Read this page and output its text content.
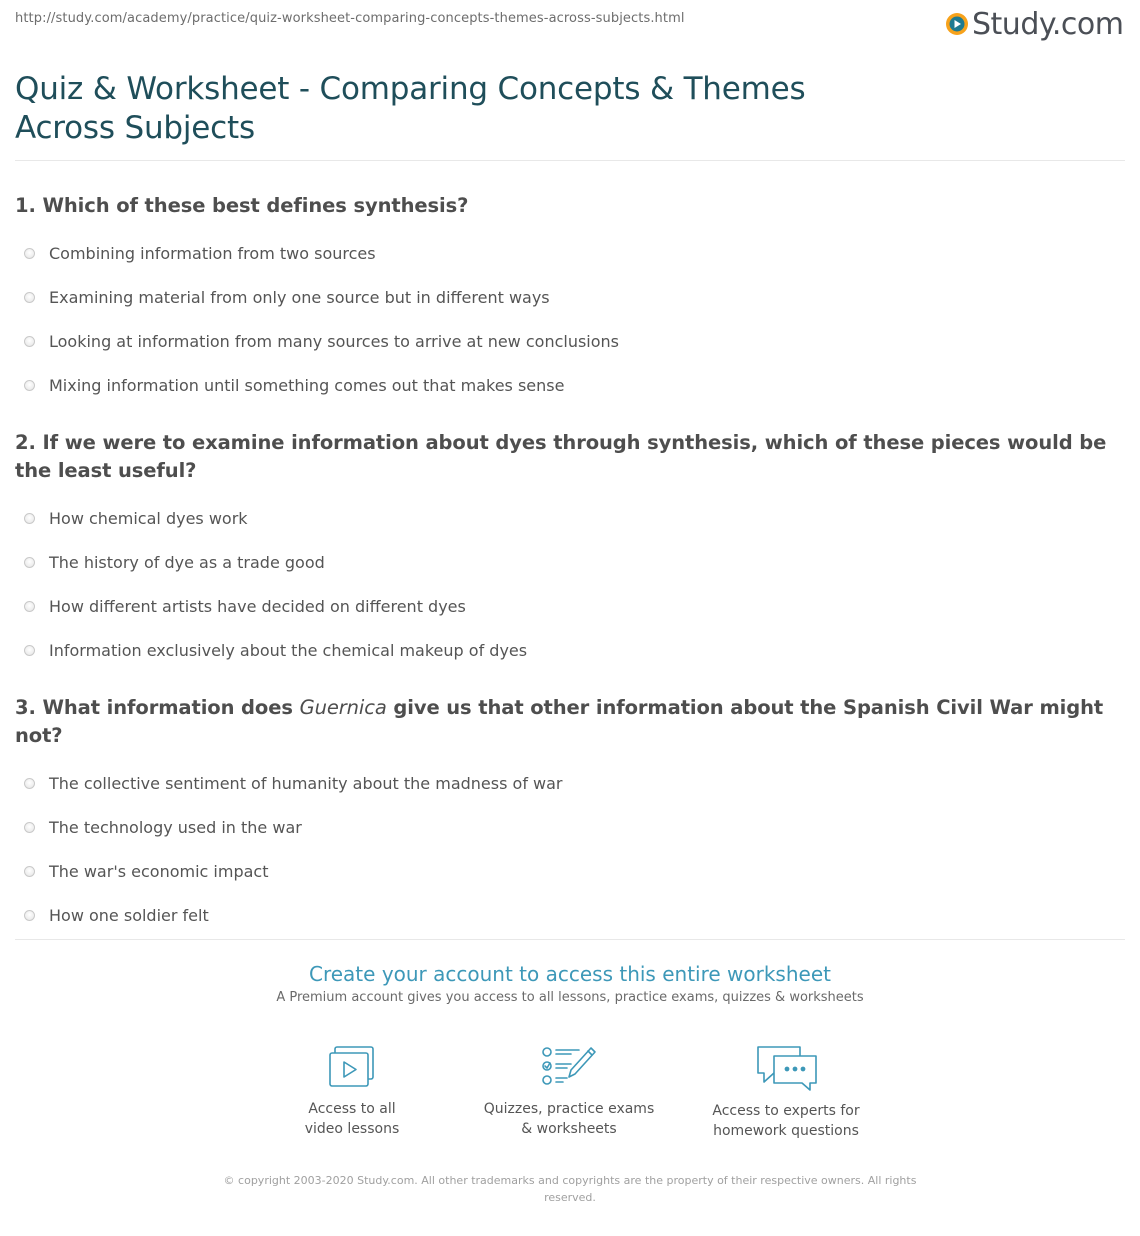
http://study.com/academy/practice/quiz-worksheet-comparing-concepts-themes-across-subjects.html	Study.com
Quiz & Worksheet - Comparing Concepts & Themes Across Subjects
1. Which of these best defines synthesis?
Combining information from two sources
Examining material from only one source but in different ways
Looking at information from many sources to arrive at new conclusions
Mixing information until something comes out that makes sense
2. If we were to examine information about dyes through synthesis, which of these pieces would be the least useful?
How chemical dyes work
The history of dye as a trade good
How different artists have decided on different dyes
Information exclusively about the chemical makeup of dyes
3. What information does Guernica give us that other information about the Spanish Civil War might not?
The collective sentiment of humanity about the madness of war
The technology used in the war
The war's economic impact
How one soldier felt
Create your account to access this entire worksheet
A Premium account gives you access to all lessons, practice exams, quizzes & worksheets
Access to all
video lessons
Quizzes, practice exams
& worksheets
Access to experts for
homework questions
© copyright 2003-2020 Study.com. All other trademarks and copyrights are the property of their respective owners. All rights reserved.
